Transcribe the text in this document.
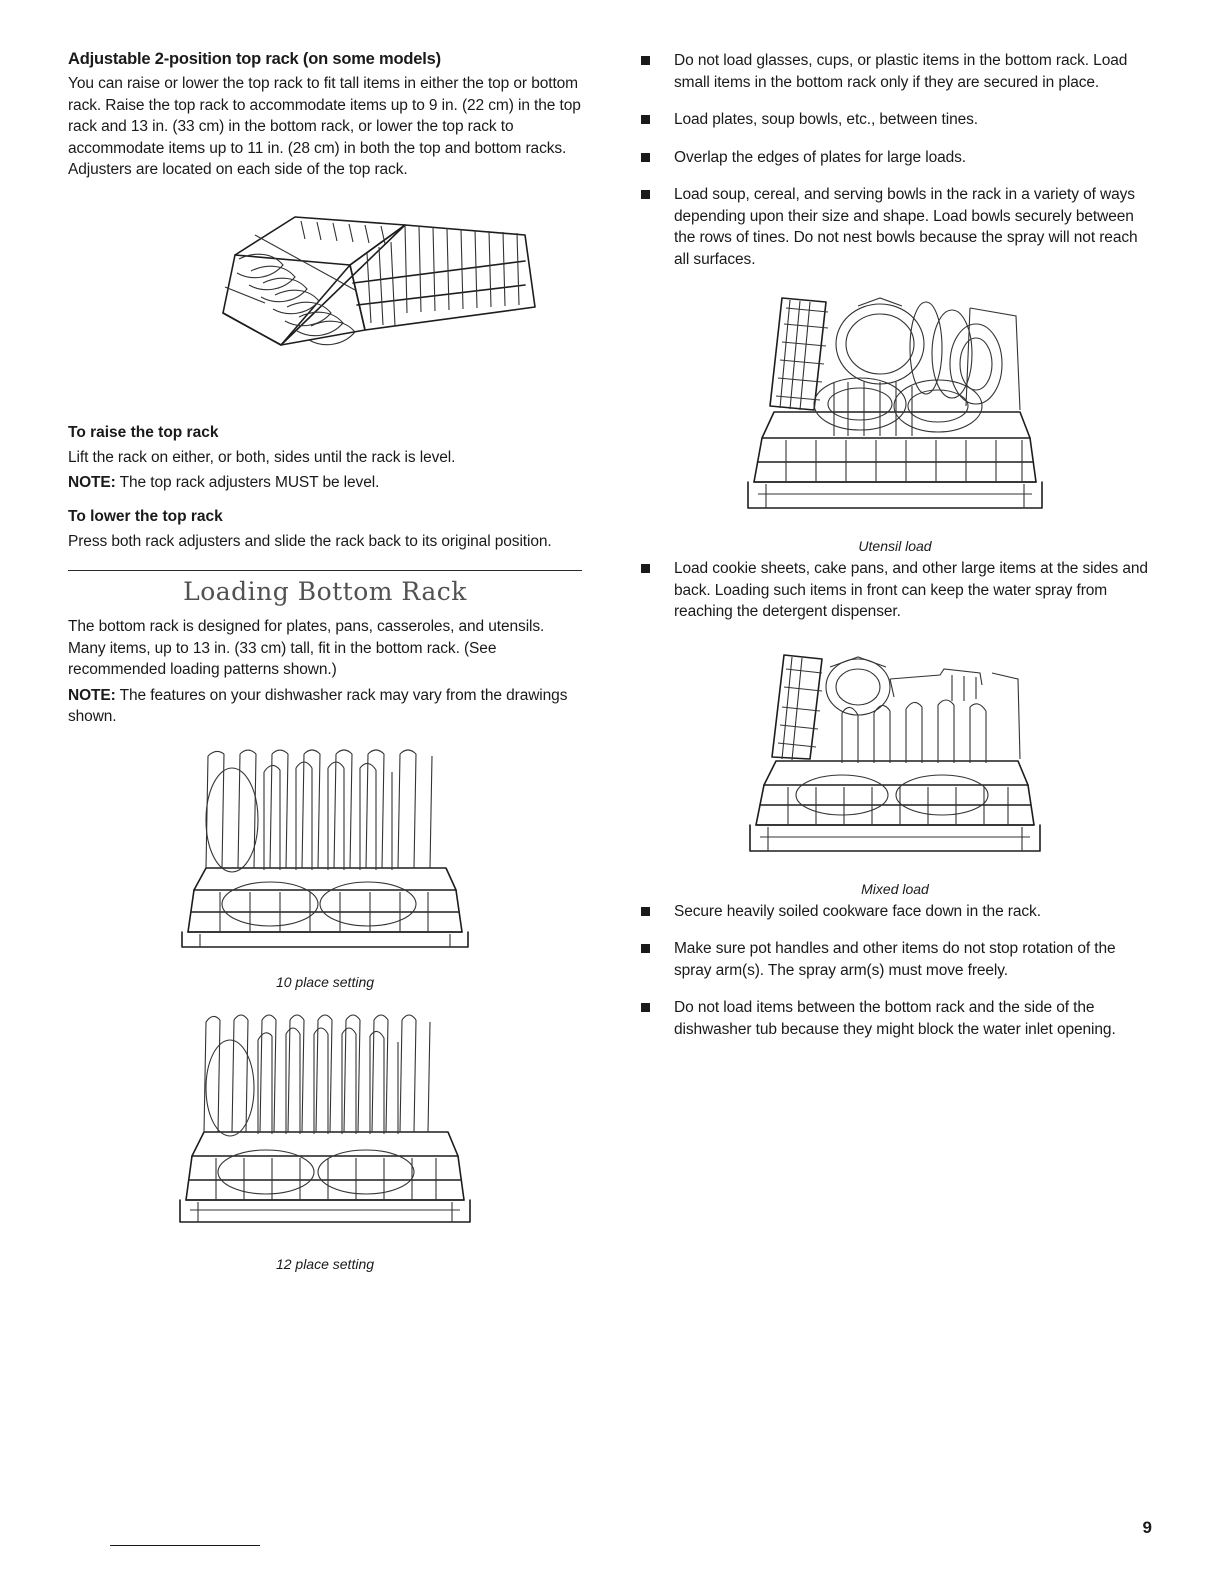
Adjustable 2-position top rack (on some models)

You can raise or lower the top rack to fit tall items in either the top or bottom rack. Raise the top rack to accommodate items up to 9 in. (22 cm) in the top rack and 13 in. (33 cm) in the bottom rack, or lower the top rack to accommodate items up to 11 in. (28 cm) in both the top and bottom racks. Adjusters are located on each side of the top rack.

To raise the top rack

Lift the rack on either, or both, sides until the rack is level.

NOTE: The top rack adjusters MUST be level.

To lower the top rack

Press both rack adjusters and slide the rack back to its original position.

Loading Bottom Rack

The bottom rack is designed for plates, pans, casseroles, and utensils. Many items, up to 13 in. (33 cm) tall, fit in the bottom rack. (See recommended loading patterns shown.)

NOTE: The features on your dishwasher rack may vary from the drawings shown.

10 place setting
12 place setting
Do not load glasses, cups, or plastic items in the bottom rack. Load small items in the bottom rack only if they are secured in place.
Load plates, soup bowls, etc., between tines.
Overlap the edges of plates for large loads.
Load soup, cereal, and serving bowls in the rack in a variety of ways depending upon their size and shape. Load bowls securely between the rows of tines. Do not nest bowls because the spray will not reach all surfaces.
Utensil load
Load cookie sheets, cake pans, and other large items at the sides and back. Loading such items in front can keep the water spray from reaching the detergent dispenser.
Mixed load
Secure heavily soiled cookware face down in the rack.
Make sure pot handles and other items do not stop rotation of the spray arm(s). The spray arm(s) must move freely.
Do not load items between the bottom rack and the side of the dishwasher tub because they might block the water inlet opening.
9
